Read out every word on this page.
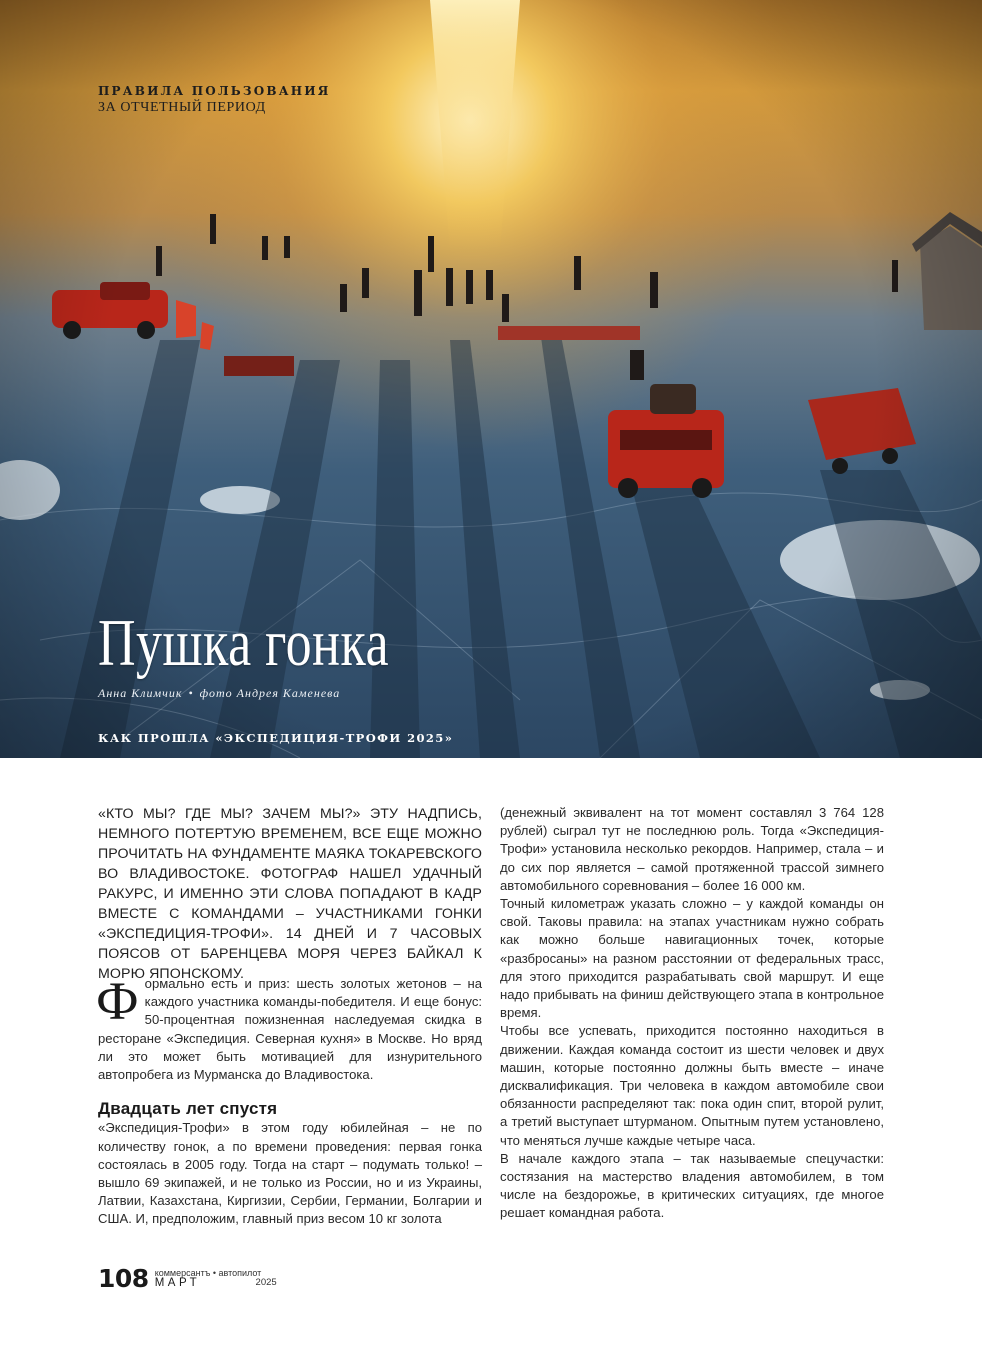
ПРАВИЛА ПОЛЬЗОВАНИЯ
ЗА ОТЧЕТНЫЙ ПЕРИОД
Пушка гонка
Анна Климчик • фото Андрея Каменева
КАК ПРОШЛА «ЭКСПЕДИЦИЯ-ТРОФИ 2025»
«КТО МЫ? ГДЕ МЫ? ЗАЧЕМ МЫ?» ЭТУ НАДПИСЬ, НЕМНОГО ПОТЕРТУЮ ВРЕМЕНЕМ, ВСЕ ЕЩЕ МОЖНО ПРОЧИТАТЬ НА ФУНДАМЕНТЕ МАЯКА ТОКАРЕВСКОГО ВО ВЛАДИВОСТОКЕ. ФОТОГРАФ НАШЕЛ УДАЧНЫЙ РАКУРС, И ИМЕННО ЭТИ СЛОВА ПОПАДАЮТ В КАДР ВМЕСТЕ С КОМАНДАМИ – УЧАСТНИКАМИ ГОНКИ «ЭКСПЕДИЦИЯ-ТРОФИ». 14 ДНЕЙ И 7 ЧАСОВЫХ ПОЯСОВ ОТ БАРЕНЦЕВА МОРЯ ЧЕРЕЗ БАЙКАЛ К МОРЮ ЯПОНСКОМУ.

Формально есть и приз: шесть золотых жетонов – на каждого участника команды-победителя. И еще бонус: 50-процентная пожизненная наследуемая скидка в ресторане «Экспедиция. Северная кухня» в Москве. Но вряд ли это может быть мотивацией для изнурительного автопробега из Мурманска до Владивостока.

Двадцать лет спустя

«Экспедиция-Трофи» в этом году юбилейная – не по количеству гонок, а по времени проведения: первая гонка состоялась в 2005 году. Тогда на старт – подумать только! – вышло 69 экипажей, и не только из России, но и из Украины, Латвии, Казахстана, Киргизии, Сербии, Германии, Болгарии и США. И, предположим, главный приз весом 10 кг золота

(денежный эквивалент на тот момент составлял 3 764 128 рублей) сыграл тут не последнюю роль. Тогда «Экспедиция-Трофи» установила несколько рекордов. Например, стала – и до сих пор является – самой протяженной трассой зимнего автомобильного соревнования – более 16 000 км.

Точный километраж указать сложно – у каждой команды он свой. Таковы правила: на этапах участникам нужно собрать как можно больше навигационных точек, которые «разбросаны» на разном расстоянии от федеральных трасс, для этого приходится разрабатывать свой маршрут. И еще надо прибывать на финиш действующего этапа в контрольное время.

Чтобы все успевать, приходится постоянно находиться в движении. Каждая команда состоит из шести человек и двух машин, которые постоянно должны быть вместе – иначе дисквалификация. Три человека в каждом автомобиле свои обязанности распределяют так: пока один спит, второй рулит, а третий выступает штурманом. Опытным путем установлено, что меняться лучше каждые четыре часа.

В начале каждого этапа – так называемые спецучастки: состязания на мастерство владения автомобилем, в том числе на бездорожье, в критических ситуациях, где многое решает командная работа.

108 коммерсантъ • автопилот
МАРТ	2025
